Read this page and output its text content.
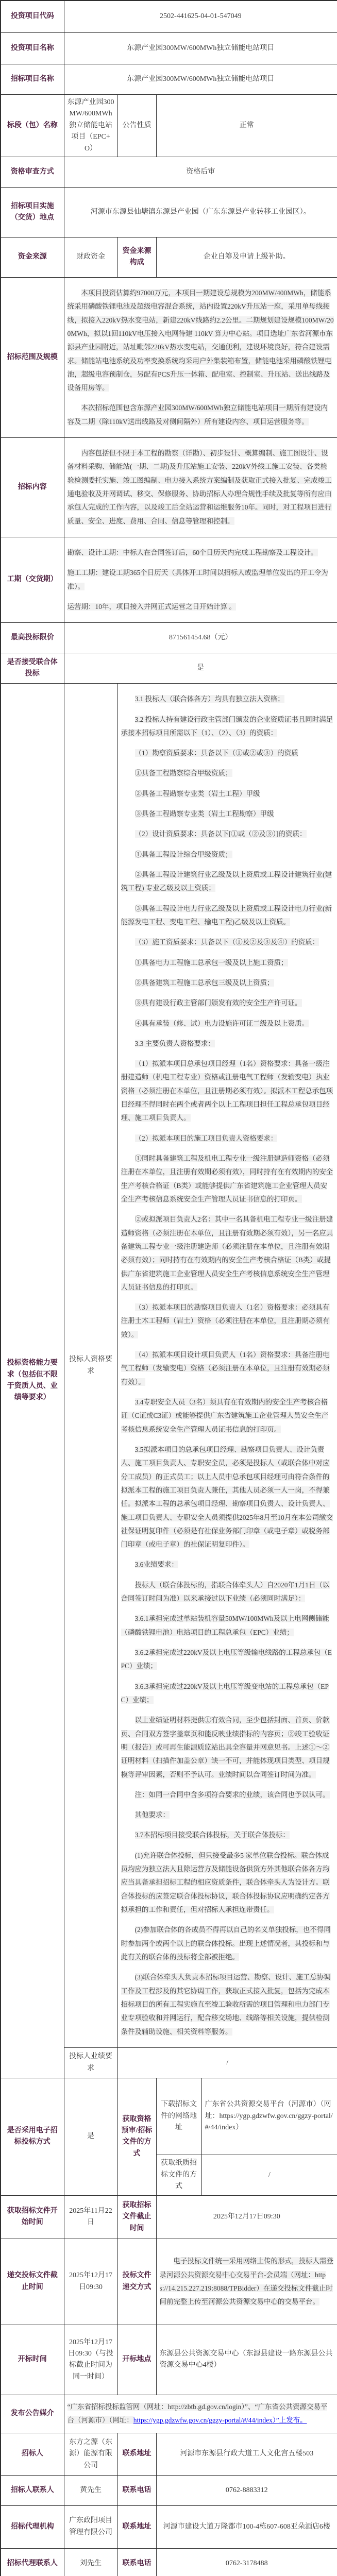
投资项目代码	2502-441625-04-01-547049			
投资项目名称	东源产业园300MW/600MWh独立储能电站项目			
招标项目名称	东源产业园300MW/600MWh独立储能电站项目			
标段（包）名称	东源产业园300MW/600MWh独立储能电站项目（EPC+O）	公告性质	正常	
资格审查方式	资格后审			
招标项目实施（交货）地点	河源市东源县仙塘镇东源县产业园（广东东源县产业转移工业园区）。			
资金来源	财政资金	资金来源构成	企业自筹及申请上级补助。	
招标范围及规模	本项目投资估算约97000万元，本项目一期建设总规模为200MW/400MWh，储能系统采用磷酸铁锂电池及超级电容混合系统，站内设置220kV升压站一座，采用单母线接线，拟接入220kV热水变电站，新建220kV线路约2.2公里。二期规划建设规模100MW/200MWh，拟以1回110kV电压接入电网待建 110kV 算力中心站。项目选址广东省河源市东源县产业园附近，站址毗邻220kV热水变电站，交通便利，建设环境良好，符合建设需求。储能站电池系统及功率变换系统均采用户外集装箱布置，储能电池采用磷酸铁锂电池，超级电容预制仓，另配有PCS升压一体箱、配电室、控制室、升压站、送出线路及设备用房等。

本次招标范围包含东源产业园300MW/600MWh独立储能电站项目一期所有建设内容及二期（除110kV送出线路及对侧间隔外）所有建设内容、项目运营服务等。			

招标内容	内容包括但不限于本工程的勘察（详勘）、初步设计、概算编制、施工图设计、设备材料采购、储能站(一期、二期)及升压站施工安装、220kV外线工施工安装、各类检验检测委托实施、竣工图编制、电力接入系统方案编制及获取正式接入批复、完成竣工通电验收及并网调试、移交、保修服务、协助招标人办理合规性手续及批复等所有应由承包人完成的工作内容，以及竣工后全站运营和运维服务10年。同时，对工程项目进行质量、安全、进度、费用、合同、信息等管理和控制。			

工期（交货期）	勘察、设计工期：中标人在合同签订后，60个日历天内完成工程勘察及工程设计。

施工工期：建设工期365个日历天（具体开工时间以招标人或监理单位发出的开工令为准）。

运营期：10年，项目接入并网正式运营之日开始计算 。			

最高投标限价	871561454.68（元）			
是否接受联合体投标	是			
投标资格能力要求（包括但不限于资质人员、业绩等要求）	投标人资格要求	

3.1 投标人（联合体各方）均具有独立法人资格；

3.2 投标人持有建设行政主管部门颁发的企业资质证书且同时满足承接本招标项目所需以下（1）、（2）、（3）的资质：

（1）勘察资质要求：具备以下（①或②或③）的资质

①具备工程勘察综合甲级资质；

②具备工程勘察专业类（岩土工程）甲级

③具备工程勘察专业类（岩土工程勘察）甲级

（2）设计资质要求：具备以下[①或（②及③）]的资质：

①具备工程设计综合甲级资质；

②具备工程设计建筑行业乙级及以上资质或工程设计建筑行业(建筑工程) 专业乙级及以上资质；

③具备工程设计电力行业乙级及以上资质或工程设计电力行业(新能源发电工程、变电工程、输电工程)乙级及以上资质。

（3）施工资质要求：具备以下（①及②及③及④）的资质：

①具备电力工程施工总承包一级及以上施工资质；

②具备建筑工程施工总承包三级及以上资质；

③具有建设行政主管部门颁发有效的安全生产许可证。

④具有承装（修、试）电力设施许可证二级及以上资质。

3.3 主要负责人资格要求：

（1）拟派本项目总承包项目经理（1名）资格要求：具备一级注册建造师（机电工程专业）资格或注册电气工程师（发输变电）执业资格（必须注册在本单位，且注册期必须有效）。拟派本工程总承包项目经理不得同时在两个或者两个以上工程项目担任工程总承包项目经理、施工项目负责人。

（2）拟派本项目的施工项目负责人资格要求：

①同时具备建筑工程及机电工程专业一级注册建造师资格（必须注册在本单位，且注册有效期必须有效），同时持有在有效期内的安全生产考核合格证（B类）或能够提供广东省建筑施工企业管理人员安全生产考核信息系统安全生产管理人员证书信息的打印页。

②或拟派项目负责人2名：其中一名具备机电工程专业一级注册建造师资格（必须注册在本单位，且注册有效期必须有效），另一名应具备建筑工程专业一级注册建造师（必须注册在本单位，且注册有效期必须有效）；同时持有在有效期内的安全生产考核合格证（B类）或提供广东省建筑施工企业管理人员安全生产考核信息系统安全生产管理人员证书信息的打印页。

（3）拟派本项目的勘察项目负责人（1名）资格要求：必须具有注册土木工程师（岩土）资格（必须注册在本单位，且注册期必须有效）。

（4）拟派本项目设计项目负责人（1名）资格要求：具备注册电气工程师（发输变电）资格（必须注册在本单位，且注册有效期必须有效）。

3.4专职安全人员（3名）须具有在有效期内的安全生产考核合格证（C证或C3证）或能够提供广东省建筑施工企业管理人员安全生产考核信息系统安全生产管理人员证书信息的打印页。

3.5拟派本项目的总承包项目经理、勘察项目负责人、设计负责人、施工项目负责人、专职安全员，必须是投标人（或联合体中对应分工成员）的正式员工；以上人员中总承包项目经理可由符合条件的拟派本工程的施工项目负责人兼任，其他人员必须一人一岗，不得兼任。拟派本工程的总承包项目经理、勘察项目负责人、设计负责人、施工项目负责人、专职安全人员须提供2025年8月至10月在本公司缴交社保证明复印件（必须是有社保业务部门印章（或电子章）或税务部门印章（或电子章）的社保证明复印件）。

3.6业绩要求：

投标人（联合体投标的，指联合体牵头人）自2020年1月1日（以合同签订时间为准）以来承接过以下业绩（必须同时满足）：

3.6.1承担完成过单站装机容量50MW/100MWh及以上电网侧储能（磷酸铁锂电池）电站项目的工程总承包（EPC）业绩；

3.6.2承担完成过220kV及以上电压等级输电线路的工程总承包（EPC）业绩；

3.6.3承担完成过220kV及以上电压等级变电站的工程总承包（EPC）业绩；

以上业绩证明材料提供①有效合同，至少包括封面、首页、价款页、合同双方签字盖章页和能反映业绩指标的内容页；②竣工验收证明（报告）或可再生能源质监站出具全容量并网意见书。上述①～②证明材料（扫描件加盖公章）缺一不可，并能体现项目类型、项目规模等评审因素，否则不予认可。业绩时间以合同签订时间为准。

注：如同一合同中含多项符合要求的业绩，该合同也予以认可。

其他要求：

3.7本招标项目接受联合体投标，关于联合体投标：

(1)允许联合体投标，但只接受最多5 家单位联合投标。联合体成员均应为独立法人且除运营方及储能设备供货方外其他联合体各方均应当具备承担招标工程的相应资质条件，联合体牵头人为设计方。联合体投标的应签定联合体投标协议，联合体投标协议应明确约定各方拟承担的工作和责任，但对招标人承担连带责任。

(2)参加联合体的各成员不得再以自己的名义单独投标，也不得同时参加两个或两个以上的联合体投标。出现上述情况者，其投标和与此有关的联合体的投标将全部被拒绝。

(3)联合体牵头人负责本招标项目运营、勘察、设计、施工总协调工作及工程涉及的其它协调工作，获取正式接入批复，包括为完成本招标项目的所有工程实施直至竣工验收所需的项目管理和电力部门专业专项验收和并网运行，配合移交场地、线路等相关设施，提供检测条件及辅助设施、相关资料等服务。

	投标人业绩要求	/		
是否采用电子招标投标方式	是	获取资格预审/招标文件的方式	下载招标文件的网络地址	广东省公共资源交易平台（河源市）（网址：https://ygp.gdzwfw.gov.cn/ggzy-portal/#/44/index）
			获取纸质招标文件的方式	/
获取招标文件开始时间	2025年11月22日	获取招标文件截止时间	2025年12月17日09:30	
递交投标文件截止时间	2025年12月17日09:30	投标文件递交方式	电子投标文件统一采用网络上传的形式，投标人需登录河源公共资源交易中心交易平台-会员端（网址：https://14.215.227.219:8088/TPBidder）在递交投标文件截止时间前完整上传至河源公共资源交易中心的交易平台。	

开标时间	2025年12月17日09:30（与投标截止时间为同一时间）	开标地点	东源县公共资源交易中心（东源县建设一路东源县公共资源交易中心4楼）	
发布公告媒介	“广东省招标投标监管网（网址：http://zbtb.gd.gov.cn/login）”、“广东省公共资源交易平台（河源市）（网址：https://ygp.gdzwfw.gov.cn/ggzy-portal/#/44/index）”上发布。			

招标人	东方之源（东源）能源有限公司	联系地址	河源市东源县行政大道工人文化宫五楼503	
招标人联系人	黄先生	联系电话	0762-8883312	
招标代理机构	广东政阳项目管理有限公司	联系地址	河源市建设大道万隆都市100-4栋607-608亚朵酒店6楼	
招标代理联系人	刘先生	联系电话	0762-3178488	
